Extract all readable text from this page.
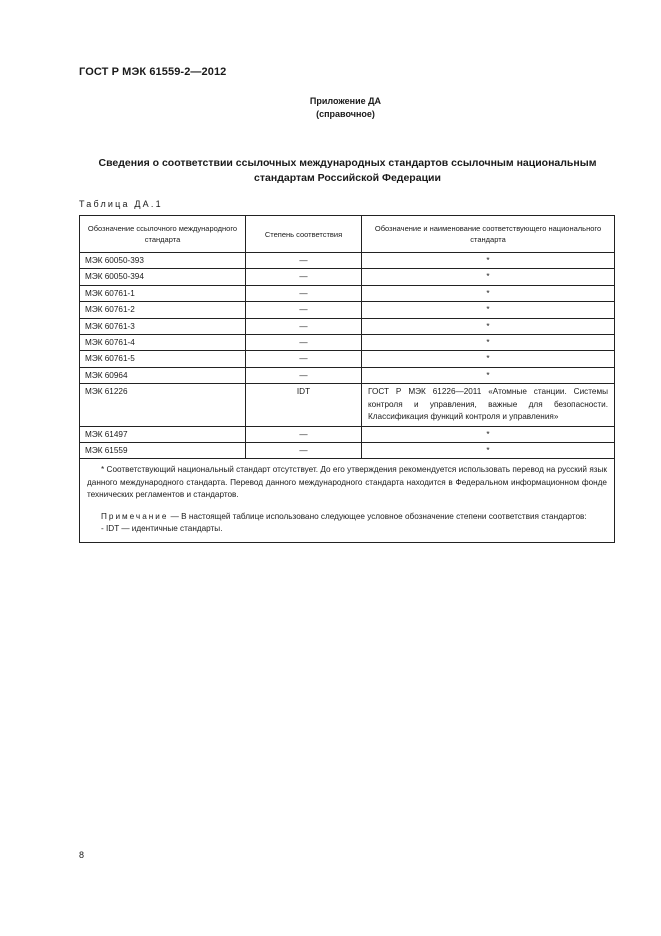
ГОСТ Р МЭК 61559-2—2012
Приложение ДА
(справочное)
Сведения о соответствии ссылочных международных стандартов ссылочным национальным
стандартам Российской Федерации
Таблица ДА.1
Обозначение ссылочного международного стандарта	Степень соответствия	Обозначение и наименование соответствующего национального стандарта
МЭК 60050-393	—	*
МЭК 60050-394	—	*
МЭК 60761-1	—	*
МЭК 60761-2	—	*
МЭК 60761-3	—	*
МЭК 60761-4	—	*
МЭК 60761-5	—	*
МЭК 60964	—	*
МЭК 61226	IDT	ГОСТ Р МЭК 61226—2011 «Атомные станции. Системы контроля и управления, важные для безопасности. Классификация функций контроля и управления»
МЭК 61497	—	*
МЭК 61559	—	*

* Соответствующий национальный стандарт отсутствует. До его утверждения рекомендуется использовать перевод на русский язык данного международного стандарта. Перевод данного международного стандарта находится в Федеральном информационном фонде технических регламентов и стандартов.

Примечание — В настоящей таблице использовано следующее условное обозначение степени соответствия стандартов:

- IDT — идентичные стандарты.		

8
